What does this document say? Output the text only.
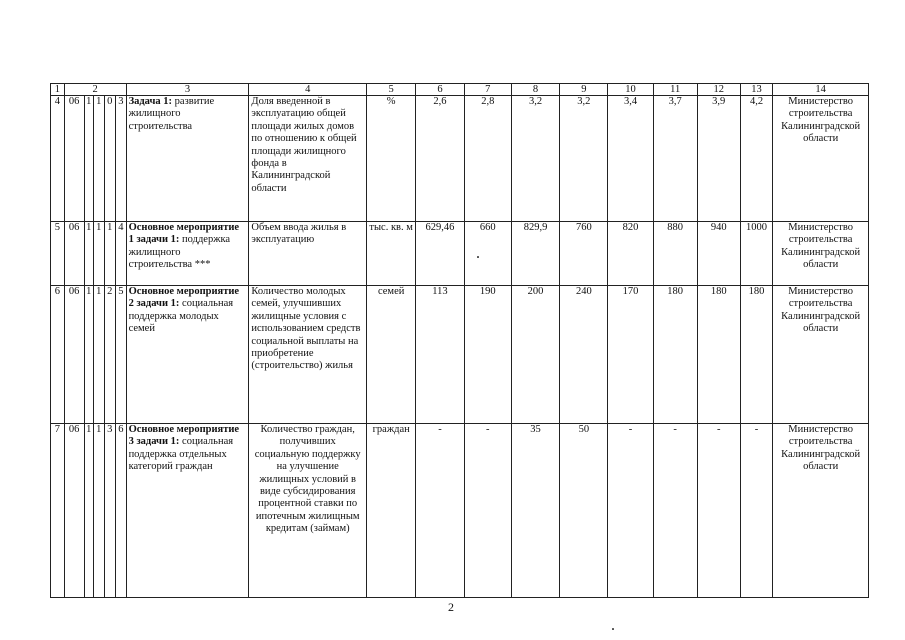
1	2					3	4	5	6	7	8	9	10	11	12	13	14
4	06	1	1	0	3	Задача 1: развитие жилищного строительства	Доля введенной в эксплуатацию общей площади жилых домов по отношению к общей площади жилищного фонда в Калининградской области	%	2,6	2,8	3,2	3,2	3,4	3,7	3,9	4,2	Министерство строительства Калининградской области
5	06	1	1	1	4	Основное мероприятие 1 задачи 1: поддержка жилищного строительства ***	Объем ввода жилья в эксплуатацию	тыс. кв. м	629,46	660	829,9	760	820	880	940	1000	Министерство строительства Калининградской области
6	06	1	1	2	5	Основное мероприятие 2 задачи 1: социальная поддержка молодых семей	Количество молодых семей, улучшивших жилищные условия с использованием средств социальной выплаты на приобретение (строительство) жилья	семей	113	190	200	240	170	180	180	180	Министерство строительства Калининградской области
7	06	1	1	3	6	Основное мероприятие 3 задачи 1: социальная поддержка отдельных категорий граждан	Количество граждан, получивших социальную поддержку на улучшение жилищных условий в виде субсидирования процентной ставки по ипотечным жилищным кредитам (займам)	граждан	-	-	35	50	-	-	-	-	Министерство строительства Калининградской области
2
